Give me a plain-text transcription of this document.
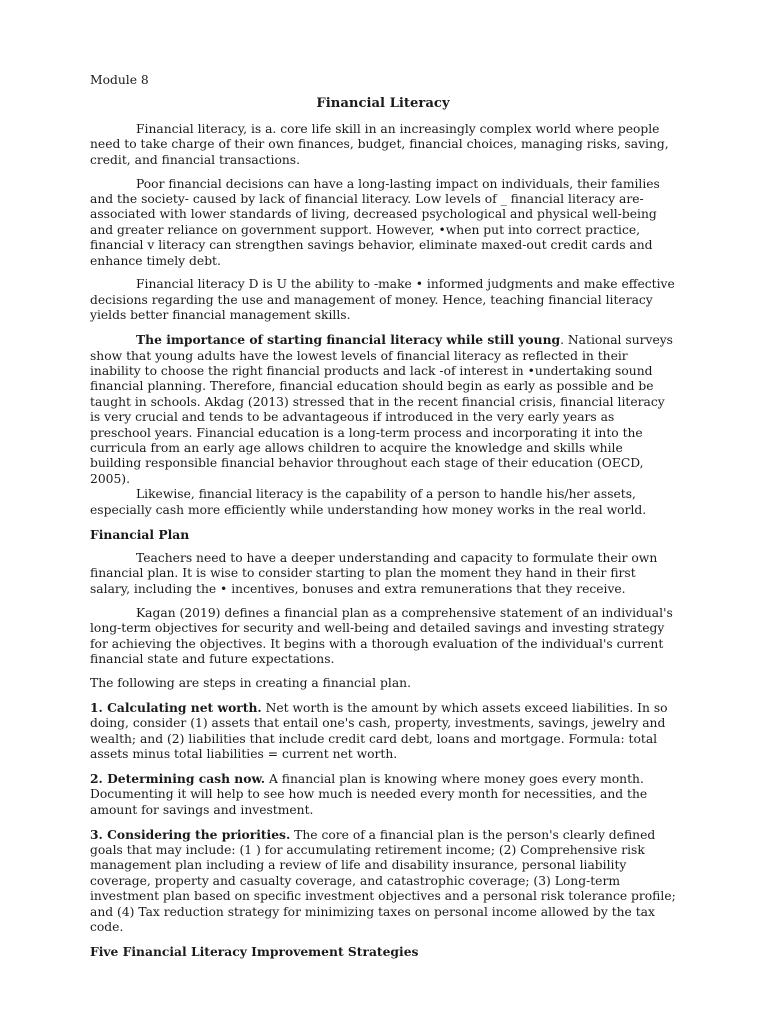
Module 8
Financial Literacy

Financial literacy, is a. core life skill in an increasingly complex world where people need to take charge of their own finances, budget, financial choices, managing risks, saving, credit, and financial transactions.

Poor financial decisions can have a long-lasting impact on individuals, their families and the society- caused by lack of financial literacy. Low levels of _ financial literacy are-associated with lower standards of living, decreased psychological and physical well-being and greater reliance on government support. However, •when put into correct practice, financial v literacy can strengthen savings behavior, eliminate maxed-out credit cards and enhance timely debt.

Financial literacy D is U the ability to -make • informed judgments and make effective decisions regarding the use and management of money. Hence, teaching financial literacy yields better financial management skills.

The importance of starting financial literacy while still young. National surveys show that young adults have the lowest levels of financial literacy as reflected in their inability to choose the right financial products and lack -of interest in •undertaking sound financial planning. Therefore, financial education should begin as early as possible and be taught in schools. Akdag (2013) stressed that in the recent financial crisis, financial literacy is very crucial and tends to be advantageous if introduced in the very early years as preschool years. Financial education is a long-term process and incorporating it into the curricula from an early age allows children to acquire the knowledge and skills while building responsible financial behavior throughout each stage of their education (OECD, 2005).

Likewise, financial literacy is the capability of a person to handle his/her assets, especially cash more efficiently while understanding how money works in the real world.

Financial Plan

Teachers need to have a deeper understanding and capacity to formulate their own financial plan. It is wise to consider starting to plan the moment they hand in their first salary, including the • incentives, bonuses and extra remunerations that they receive.

Kagan (2019) defines a financial plan as a comprehensive statement of an individual's long-term objectives for security and well-being and detailed savings and investing strategy for achieving the objectives. It begins with a thorough evaluation of the individual's current financial state and future expectations.

The following are steps in creating a financial plan.

1. Calculating net worth. Net worth is the amount by which assets exceed liabilities. In so doing, consider (1) assets that entail one's cash, property, investments, savings, jewelry and wealth; and (2) liabilities that include credit card debt, loans and mortgage. Formula: total assets minus total liabilities = current net worth.

2. Determining cash now. A financial plan is knowing where money goes every month. Documenting it will help to see how much is needed every month for necessities, and the amount for savings and investment.

3. Considering the priorities. The core of a financial plan is the person's clearly defined goals that may include: (1 ) for accumulating retirement income; (2) Comprehensive risk management plan including a review of life and disability insurance, personal liability coverage, property and casualty coverage, and catastrophic coverage; (3) Long-term investment plan based on specific investment objectives and a personal risk tolerance profile; and (4) Tax reduction strategy for minimizing taxes on personal income allowed by the tax code.

Five Financial Literacy Improvement Strategies
